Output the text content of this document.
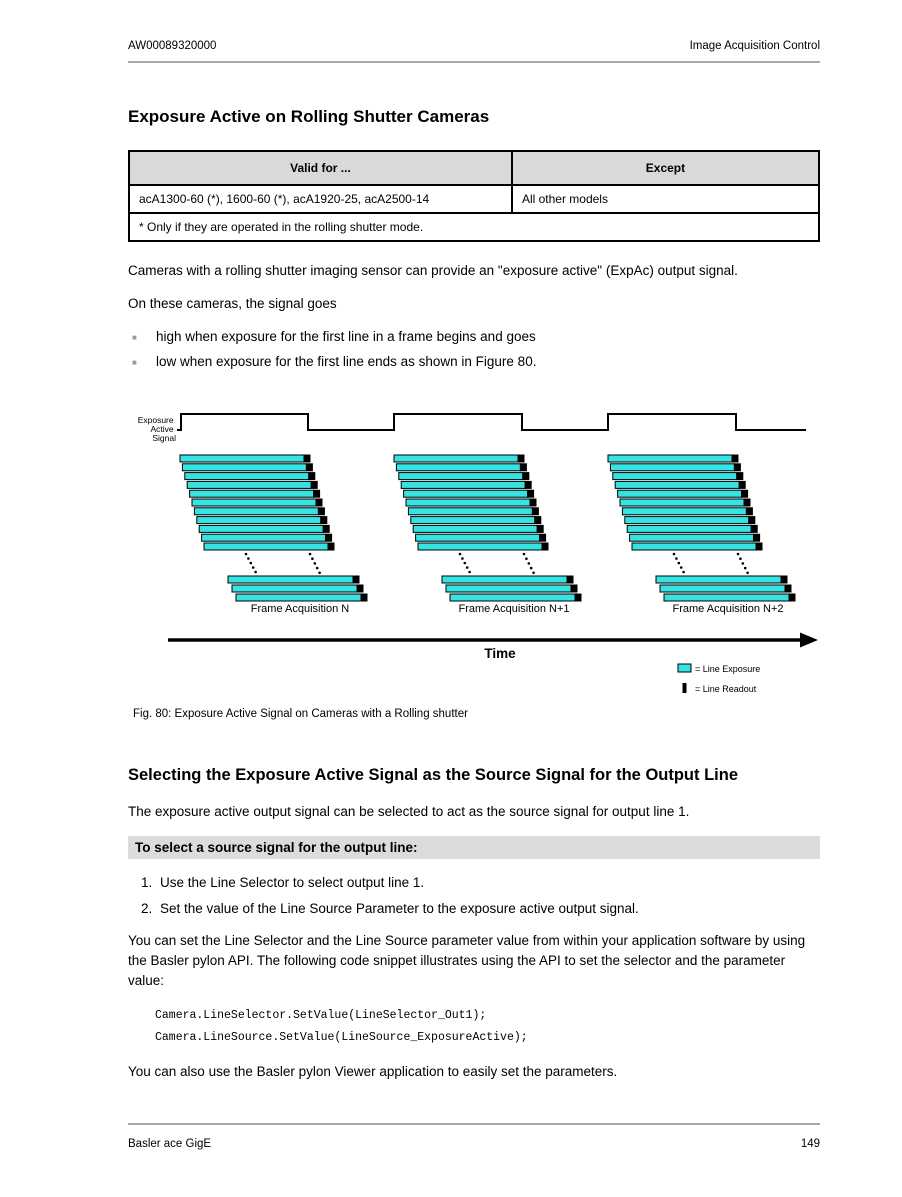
AW00089320000	Image Acquisition Control
Exposure Active on Rolling Shutter Cameras
Valid for ...	Except
acA1300-60 (*), 1600-60 (*), acA1920-25, acA2500-14	All other models
* Only if they are operated in the rolling shutter mode.	

Cameras with a rolling shutter imaging sensor can provide an "exposure active" (ExpAc) output signal.

On these cameras, the signal goes

■ high when exposure for the first line in a frame begins and goes
■ low when exposure for the first line ends as shown in Figure 80.
Exposure Active Signal
Frame Acquisition N	Frame Acquisition N+1	Frame Acquisition N+2
Time
= Line Exposure
= Line Readout
Fig. 80: Exposure Active Signal on Cameras with a Rolling shutter
Selecting the Exposure Active Signal as the Source Signal for the Output Line

The exposure active output signal can be selected to act as the source signal for output line 1.

To select a source signal for the output line:
1. Use the Line Selector to select output line 1.
2. Set the value of the Line Source Parameter to the exposure active output signal.

You can set the Line Selector and the Line Source parameter value from within your application software by using the Basler pylon API. The following code snippet illustrates using the API to set the selector and the parameter value:

Camera.LineSelector.SetValue(LineSelector_Out1);
Camera.LineSource.SetValue(LineSource_ExposureActive);

You can also use the Basler pylon Viewer application to easily set the parameters.

Basler ace GigE	149
